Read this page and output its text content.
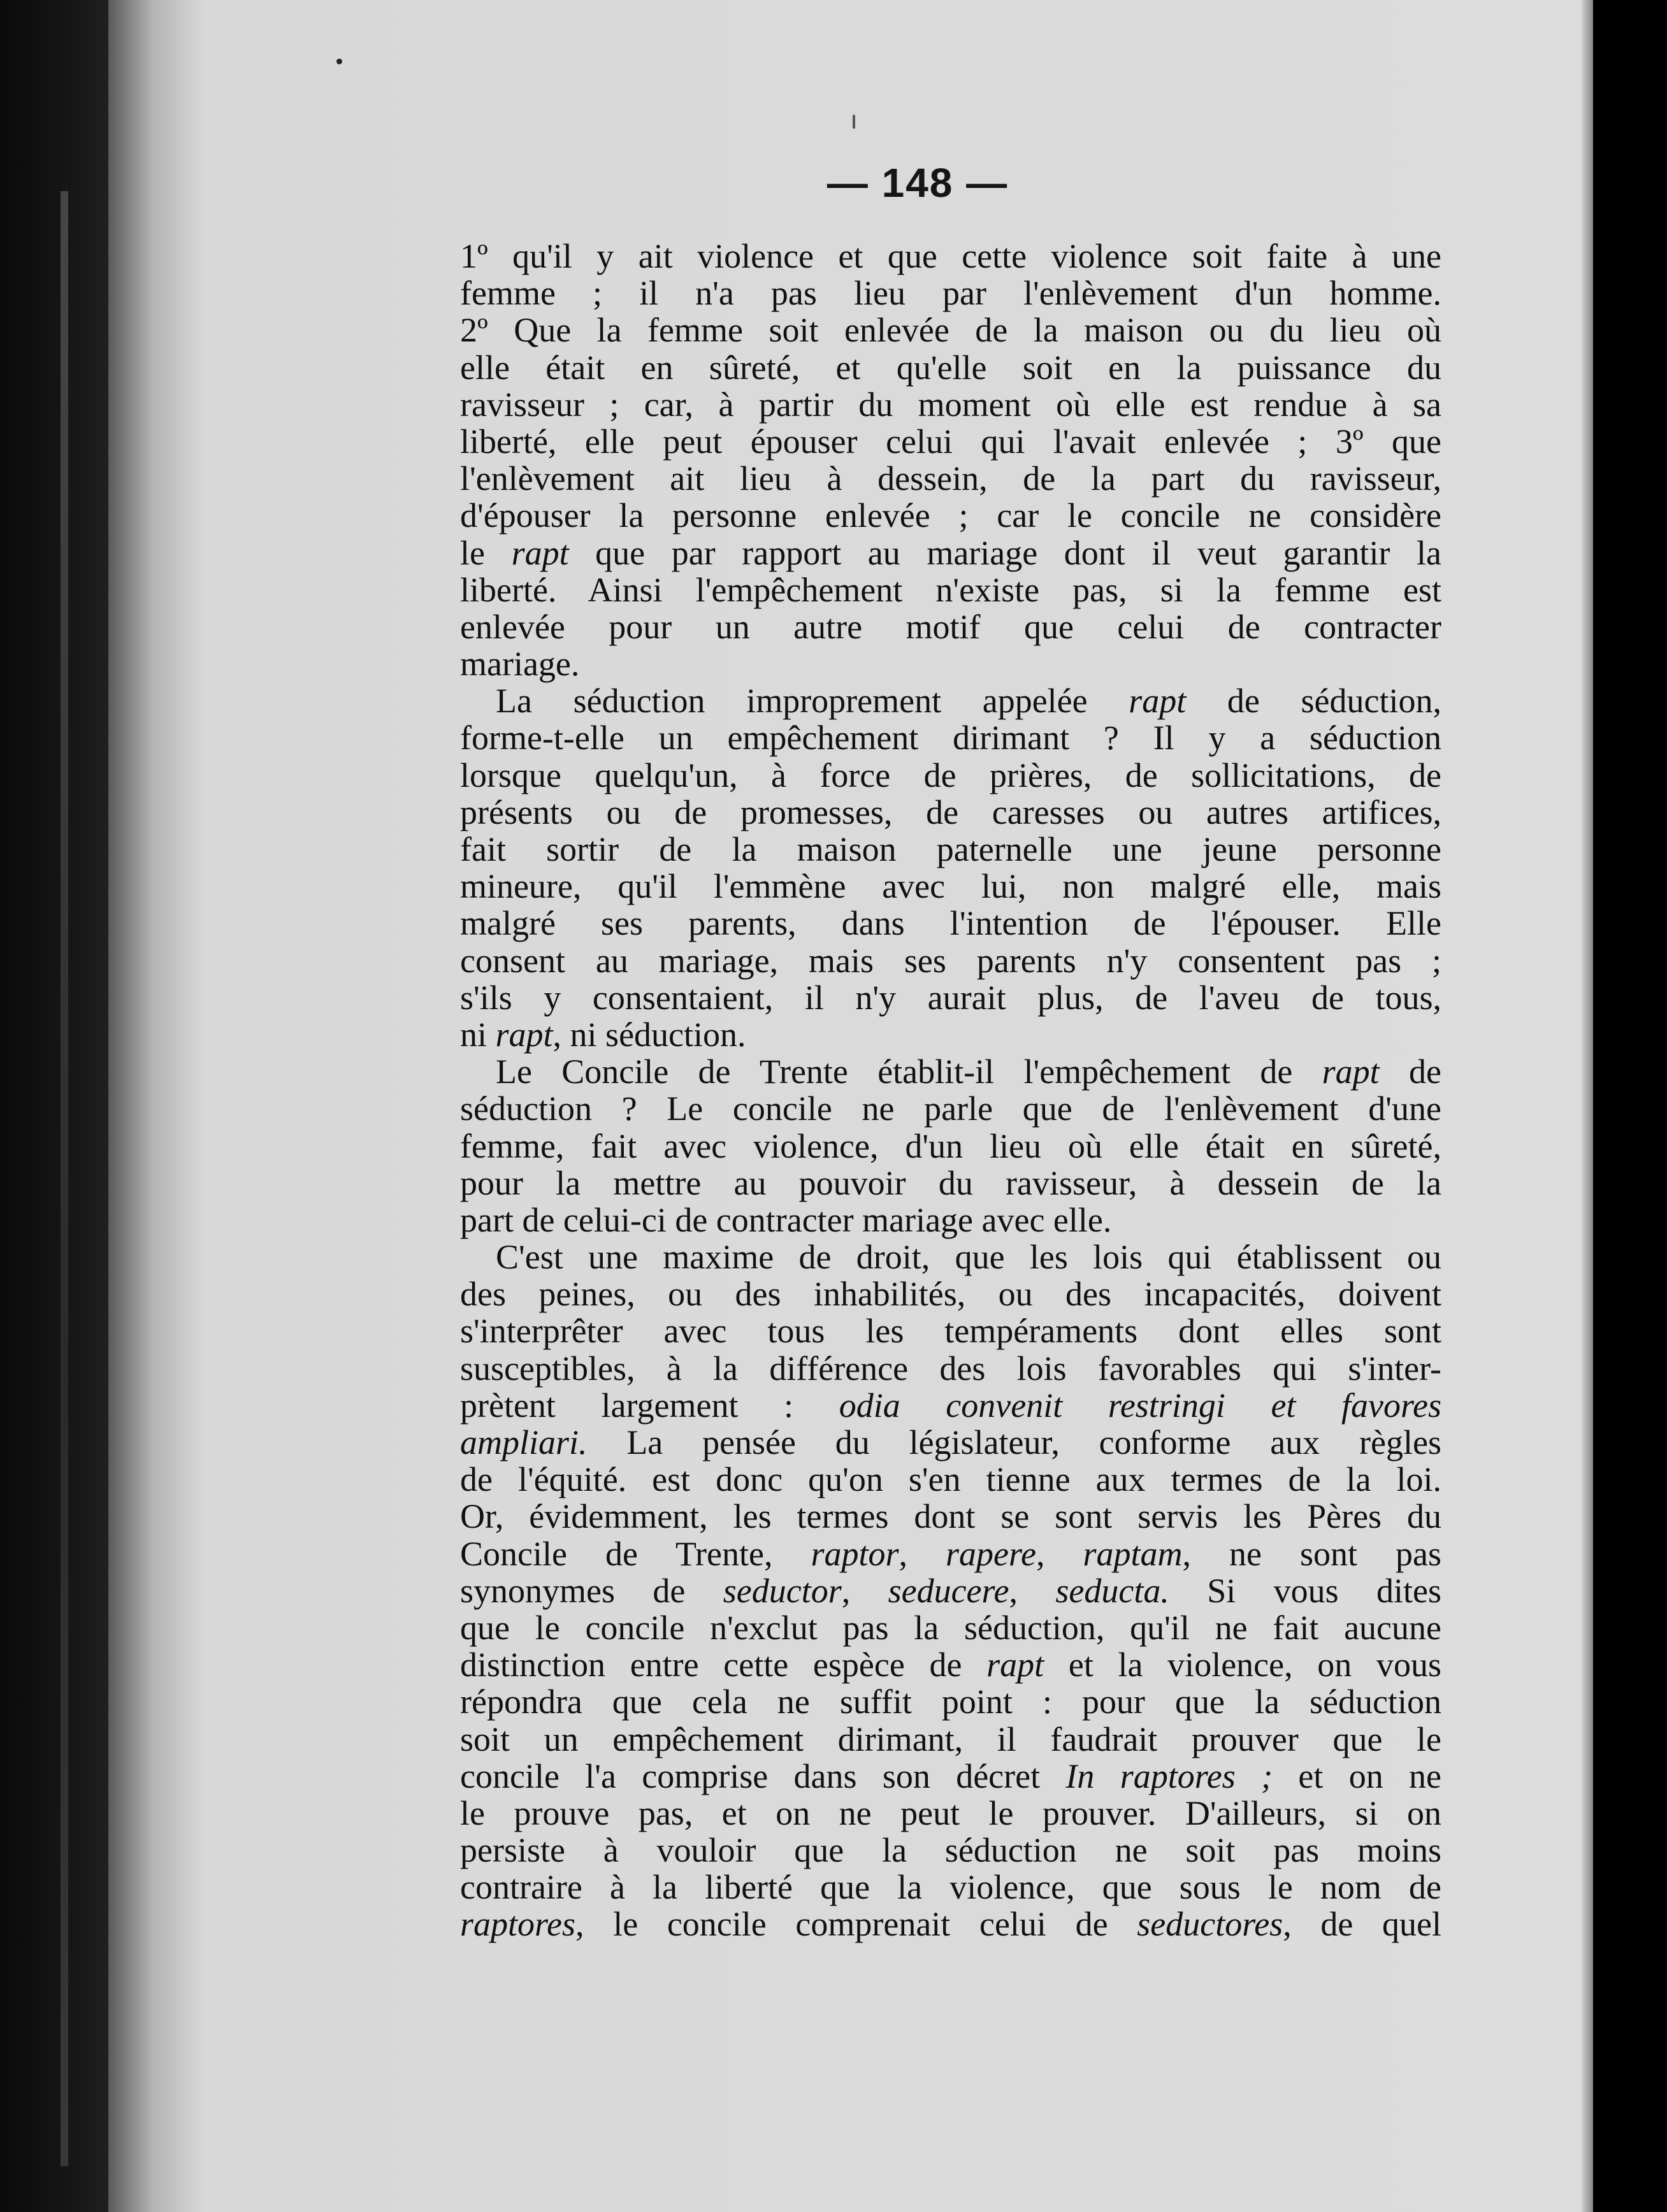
— 148 —
1º qu'il y ait violence et que cette violence soit faite à une
femme ; il n'a pas lieu par l'enlèvement d'un homme.
2º Que la femme soit enlevée de la maison ou du lieu où
elle était en sûreté, et qu'elle soit en la puissance du
ravisseur ; car, à partir du moment où elle est rendue à sa
liberté, elle peut épouser celui qui l'avait enlevée ; 3º que
l'enlèvement ait lieu à dessein, de la part du ravisseur,
d'épouser la personne enlevée ; car le concile ne considère
le rapt que par rapport au mariage dont il veut garantir la
liberté. Ainsi l'empêchement n'existe pas, si la femme est
enlevée pour un autre motif que celui de contracter
mariage.
La séduction improprement appelée rapt de séduction,
forme-t-elle un empêchement dirimant ? Il y a séduction
lorsque quelqu'un, à force de prières, de sollicitations, de
présents ou de promesses, de caresses ou autres artifices,
fait sortir de la maison paternelle une jeune personne
mineure, qu'il l'emmène avec lui, non malgré elle, mais
malgré ses parents, dans l'intention de l'épouser. Elle
consent au mariage, mais ses parents n'y consentent pas ;
s'ils y consentaient, il n'y aurait plus, de l'aveu de tous,
ni rapt, ni séduction.
Le Concile de Trente établit-il l'empêchement de rapt de
séduction ? Le concile ne parle que de l'enlèvement d'une
femme, fait avec violence, d'un lieu où elle était en sûreté,
pour la mettre au pouvoir du ravisseur, à dessein de la
part de celui-ci de contracter mariage avec elle.
C'est une maxime de droit, que les lois qui établissent ou
des peines, ou des inhabilités, ou des incapacités, doivent
s'interprêter avec tous les tempéraments dont elles sont
susceptibles, à la différence des lois favorables qui s'inter-
prètent largement : odia convenit restringi et favores
ampliari. La pensée du législateur, conforme aux règles
de l'équité. est donc qu'on s'en tienne aux termes de la loi.
Or, évidemment, les termes dont se sont servis les Pères du
Concile de Trente, raptor, rapere, raptam, ne sont pas
synonymes de seductor, seducere, seducta. Si vous dites
que le concile n'exclut pas la séduction, qu'il ne fait aucune
distinction entre cette espèce de rapt et la violence, on vous
répondra que cela ne suffit point : pour que la séduction
soit un empêchement dirimant, il faudrait prouver que le
concile l'a comprise dans son décret In raptores ; et on ne
le prouve pas, et on ne peut le prouver. D'ailleurs, si on
persiste à vouloir que la séduction ne soit pas moins
contraire à la liberté que la violence, que sous le nom de
raptores, le concile comprenait celui de seductores, de quel
